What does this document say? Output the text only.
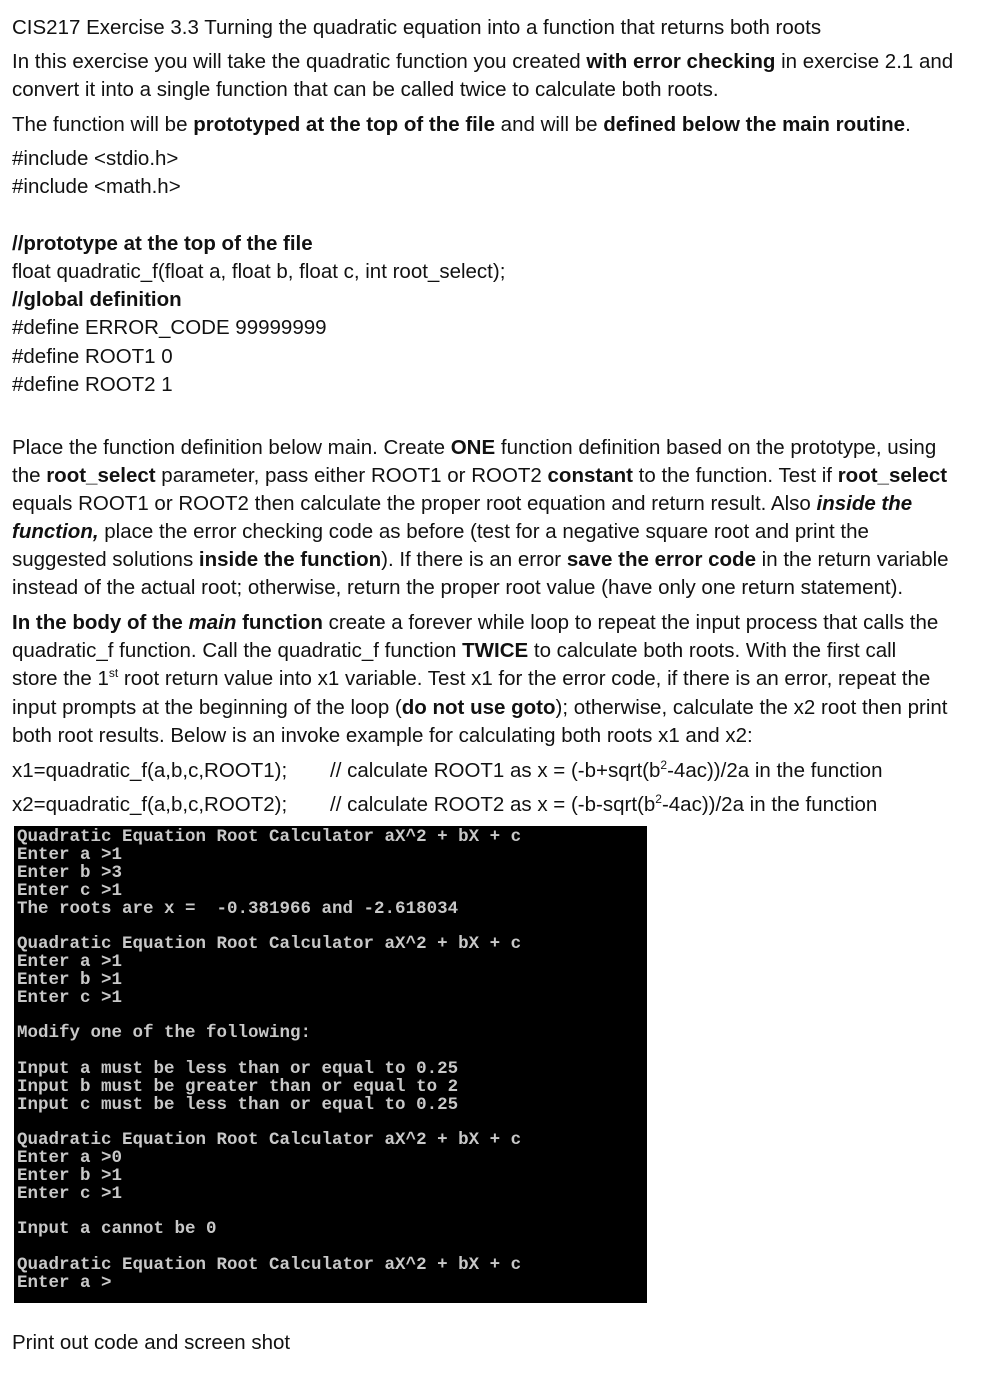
CIS217 Exercise 3.3 Turning the quadratic equation into a function that returns both roots
In this exercise you will take the quadratic function you created with error checking in exercise 2.1 and
convert it into a single function that can be called twice to calculate both roots.
The function will be prototyped at the top of the file and will be defined below the main routine.
#include <stdio.h>
#include <math.h>
//prototype at the top of the file
float quadratic_f(float a, float b, float c, int root_select);
//global definition
#define ERROR_CODE 99999999
#define ROOT1 0
#define ROOT2 1
Place the function definition below main. Create ONE function definition based on the prototype, using
the root_select parameter, pass either ROOT1 or ROOT2 constant to the function. Test if root_select
equals ROOT1 or ROOT2 then calculate the proper root equation and return result. Also inside the
function, place the error checking code as before (test for a negative square root and print the
suggested solutions inside the function). If there is an error save the error code in the return variable
instead of the actual root; otherwise, return the proper root value (have only one return statement).
In the body of the main function create a forever while loop to repeat the input process that calls the
quadratic_f function. Call the quadratic_f function TWICE to calculate both roots. With the first call
store the 1st root return value into x1 variable. Test x1 for the error code, if there is an error, repeat the
input prompts at the beginning of the loop (do not use goto); otherwise, calculate the x2 root then print
both root results. Below is an invoke example for calculating both roots x1 and x2:
x1=quadratic_f(a,b,c,ROOT1); // calculate ROOT1 as $x = (-b+sqrt(b^2-4ac))/2a$ in the function
x2=quadratic_f(a,b,c,ROOT2); // calculate ROOT2 as $x = (-b-sqrt(b^2-4ac))/2a$ in the function
Quadratic Equation Root Calculator aX^2 + bX + c
Enter a >1
Enter b >3
Enter c >1
The roots are x =  -0.381966 and -2.618034
Quadratic Equation Root Calculator aX^2 + bX + c
Enter a >1
Enter b >1
Enter c >1
Modify one of the following:
Input a must be less than or equal to 0.25
Input b must be greater than or equal to 2
Input c must be less than or equal to 0.25
Quadratic Equation Root Calculator aX^2 + bX + c
Enter a >0
Enter b >1
Enter c >1
Input a cannot be 0
Quadratic Equation Root Calculator aX^2 + bX + c
Enter a >
Print out code and screen shot
